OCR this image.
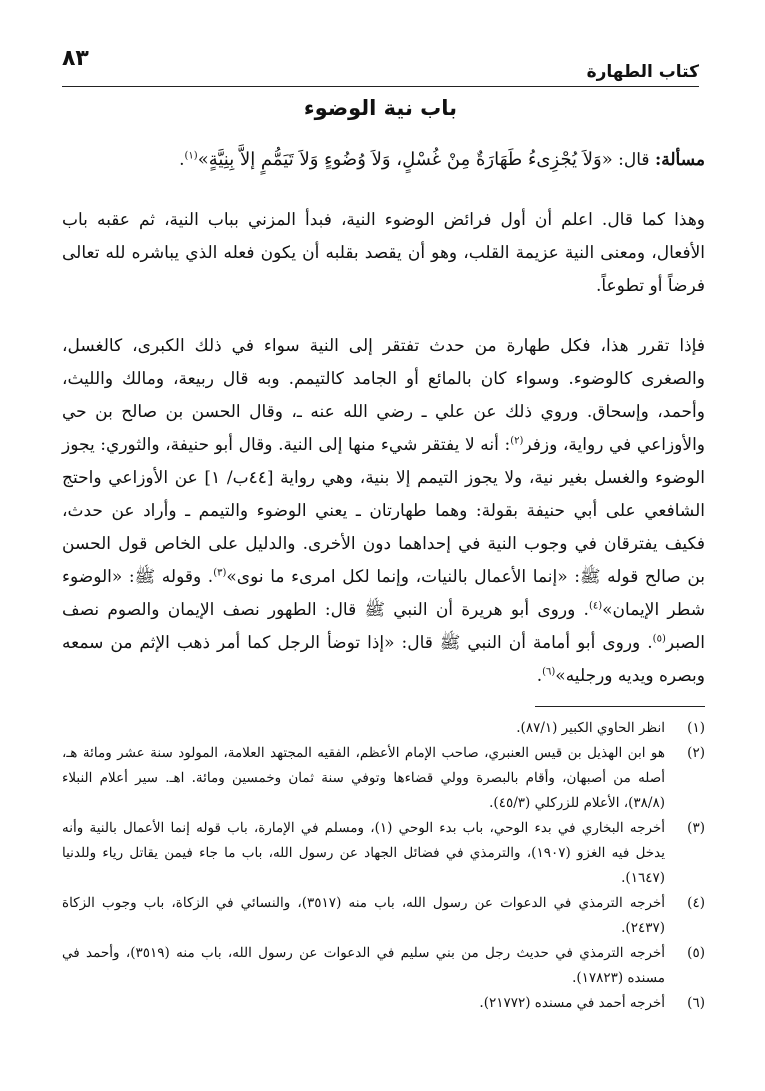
٨٣
كتاب الطهارة
باب نية الوضوء
مسألة: قال: «وَلاَ يُجْزِىءُ طَهَارَةٌ مِنْ غُسْلٍ، وَلاَ وُضُوءٍ وَلاَ تَيَمُّمٍ إلاَّ بِنِيَّةٍ»$^{(١)}$.
وهذا كما قال. اعلم أن أول فرائض الوضوء النية، فبدأ المزني بباب النية، ثم عقبه باب الأفعال، ومعنى النية عزيمة القلب، وهو أن يقصد بقلبه أن يكون فعله الذي يباشره لله تعالى فرضاً أو تطوعاً.
فإذا تقرر هذا، فكل طهارة من حدث تفتقر إلى النية سواء في ذلك الكبرى، كالغسل، والصغرى كالوضوء. وسواء كان بالمائع أو الجامد كالتيمم. وبه قال ربيعة، ومالك والليث، وأحمد، وإسحاق. وروي ذلك عن علي ـ رضي الله عنه ـ، وقال الحسن بن صالح بن حي والأوزاعي في رواية، وزفر$^{(٢)}$: أنه لا يفتقر شيء منها إلى النية. وقال أبو حنيفة، والثوري: يجوز الوضوء والغسل بغير نية، ولا يجوز التيمم إلا بنية، وهي رواية [٤٤ب/ ١] عن الأوزاعي واحتج الشافعي على أبي حنيفة بقولة: وهما طهارتان ـ يعني الوضوء والتيمم ـ وأراد عن حدث، فكيف يفترقان في وجوب النية في إحداهما دون الأخرى. والدليل على الخاص قول الحسن بن صالح قوله ﷺ: «إنما الأعمال بالنيات، وإنما لكل امرىء ما نوى»$^{(٣)}$. وقوله ﷺ: «الوضوء شطر الإيمان»$^{(٤)}$. وروى أبو هريرة أن النبي ﷺ قال: الطهور نصف الإيمان والصوم نصف الصبر$^{(٥)}$. وروى أبو أمامة أن النبي ﷺ قال: «إذا توضأ الرجل كما أمر ذهب الإثم من سمعه وبصره ويديه ورجليه»$^{(٦)}$.
(١)
انظر الحاوي الكبير (٨٧/١).
(٢)
هو ابن الهذيل بن قيس العنبري، صاحب الإمام الأعظم، الفقيه المجتهد العلامة، المولود سنة عشر ومائة هـ، أصله من أصبهان، وأقام بالبصرة وولي قضاءها وتوفي سنة ثمان وخمسين ومائة. اهـ. سير أعلام النبلاء (٣٨/٨)، الأعلام للزركلي (٤٥/٣).
(٣)
أخرجه البخاري في بدء الوحي، باب بدء الوحي (١)، ومسلم في الإمارة، باب قوله إنما الأعمال بالنية وأنه يدخل فيه الغزو (١٩٠٧)، والترمذي في فضائل الجهاد عن رسول الله، باب ما جاء فيمن يقاتل رياء وللدنيا (١٦٤٧).
(٤)
أخرجه الترمذي في الدعوات عن رسول الله، باب منه (٣٥١٧)، والنسائي في الزكاة، باب وجوب الزكاة (٢٤٣٧).
(٥)
أخرجه الترمذي في حديث رجل من بني سليم في الدعوات عن رسول الله، باب منه (٣٥١٩)، وأحمد في مسنده (١٧٨٢٣).
(٦)
أخرجه أحمد في مسنده (٢١٧٧٢).
